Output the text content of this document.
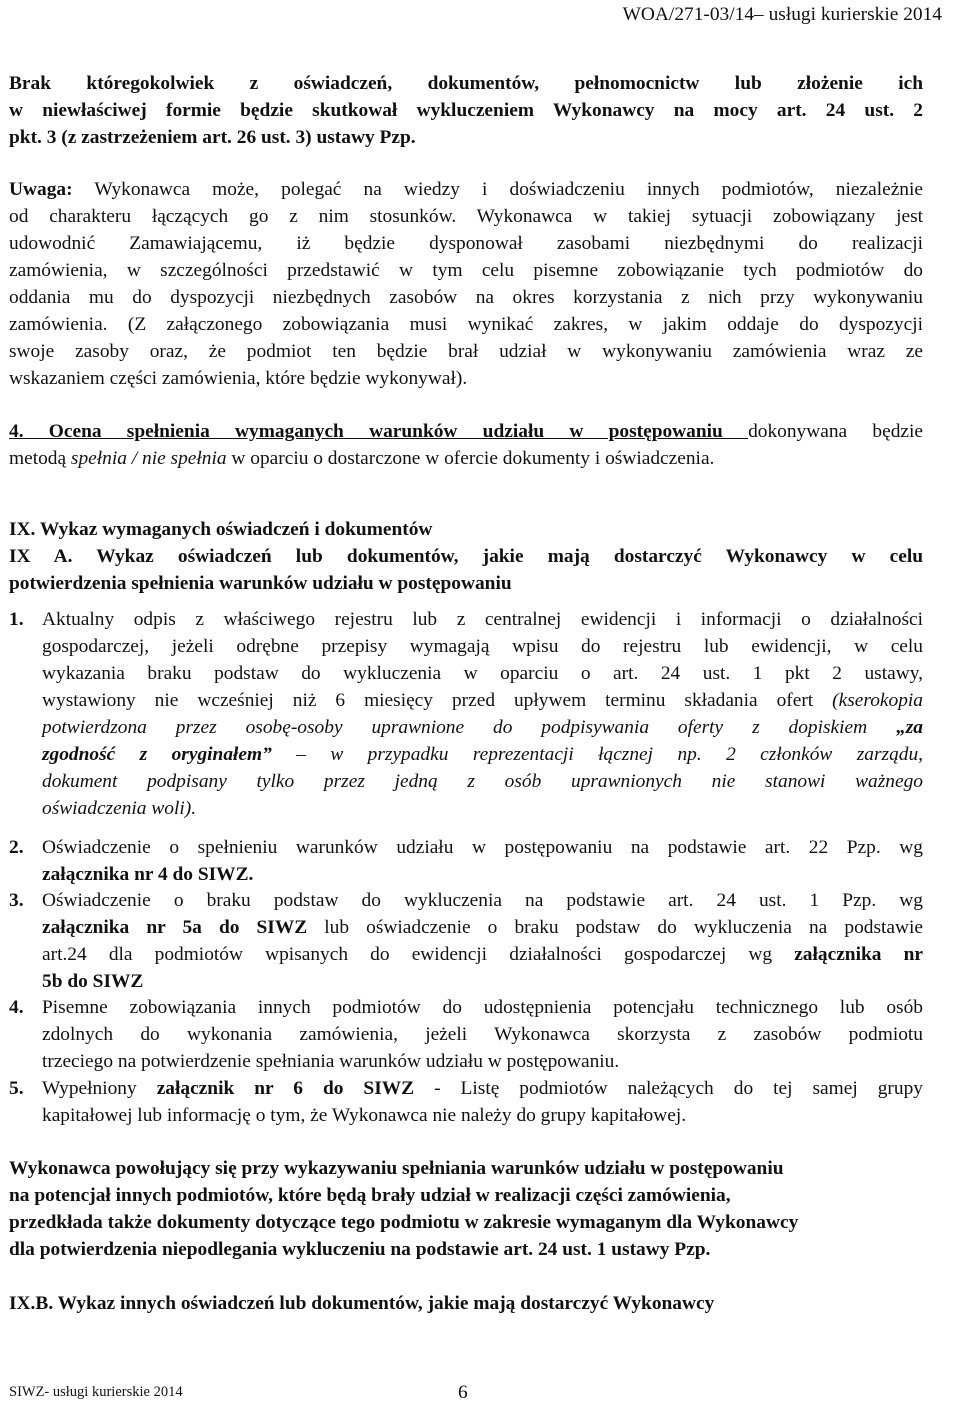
WOA/271-03/14– usługi kurierskie 2014
Brak któregokolwiek z oświadczeń, dokumentów, pełnomocnictw lub złożenie ich
w niewłaściwej formie będzie skutkował wykluczeniem Wykonawcy na mocy art. 24 ust. 2
pkt. 3 (z zastrzeżeniem art. 26 ust. 3) ustawy Pzp.
Uwaga: Wykonawca może, polegać na wiedzy i doświadczeniu innych podmiotów, niezależnie
od charakteru łączących go z nim stosunków. Wykonawca w takiej sytuacji zobowiązany jest
udowodnić Zamawiającemu, iż będzie dysponował zasobami niezbędnymi do realizacji
zamówienia, w szczególności przedstawić w tym celu pisemne zobowiązanie tych podmiotów do
oddania mu do dyspozycji niezbędnych zasobów na okres korzystania z nich przy wykonywaniu
zamówienia. (Z załączonego zobowiązania musi wynikać zakres, w jakim oddaje do dyspozycji
swoje zasoby oraz, że podmiot ten będzie brał udział w wykonywaniu zamówienia wraz ze
wskazaniem części zamówienia, które będzie wykonywał).
4. Ocena spełnienia wymaganych warunków udziału w postępowaniu dokonywana będzie
metodą spełnia / nie spełnia w oparciu o dostarczone w ofercie dokumenty i oświadczenia.
IX. Wykaz wymaganych oświadczeń i dokumentów
IX A. Wykaz oświadczeń lub dokumentów, jakie mają dostarczyć Wykonawcy w celu
potwierdzenia spełnienia warunków udziału w postępowaniu
1. Aktualny odpis z właściwego rejestru lub z centralnej ewidencji i informacji o działalności
gospodarczej, jeżeli odrębne przepisy wymagają wpisu do rejestru lub ewidencji, w celu
wykazania braku podstaw do wykluczenia w oparciu o art. 24 ust. 1 pkt 2 ustawy,
wystawiony nie wcześniej niż 6 miesięcy przed upływem terminu składania ofert (kserokopia
potwierdzona przez osobę-osoby uprawnione do podpisywania oferty z dopiskiem „za
zgodność z oryginałem” – w przypadku reprezentacji łącznej np. 2 członków zarządu,
dokument podpisany tylko przez jedną z osób uprawnionych nie stanowi ważnego
oświadczenia woli).
2. Oświadczenie o spełnieniu warunków udziału w postępowaniu na podstawie art. 22 Pzp. wg
załącznika nr 4 do SIWZ.
3. Oświadczenie o braku podstaw do wykluczenia na podstawie art. 24 ust. 1 Pzp. wg
załącznika nr 5a do SIWZ lub oświadczenie o braku podstaw do wykluczenia na podstawie
art.24 dla podmiotów wpisanych do ewidencji działalności gospodarczej wg załącznika nr
5b do SIWZ
4. Pisemne zobowiązania innych podmiotów do udostępnienia potencjału technicznego lub osób
zdolnych do wykonania zamówienia, jeżeli Wykonawca skorzysta z zasobów podmiotu
trzeciego na potwierdzenie spełniania warunków udziału w postępowaniu.
5. Wypełniony załącznik nr 6 do SIWZ - Listę podmiotów należących do tej samej grupy
kapitałowej lub informację o tym, że Wykonawca nie należy do grupy kapitałowej.
Wykonawca powołujący się przy wykazywaniu spełniania warunków udziału w postępowaniu
na potencjał innych podmiotów, które będą brały udział w realizacji części zamówienia,
przedkłada także dokumenty dotyczące tego podmiotu w zakresie wymaganym dla Wykonawcy
dla potwierdzenia niepodlegania wykluczeniu na podstawie art. 24 ust. 1 ustawy Pzp.
IX.B. Wykaz innych oświadczeń lub dokumentów, jakie mają dostarczyć Wykonawcy
SIWZ- usługi kurierskie 2014	6
